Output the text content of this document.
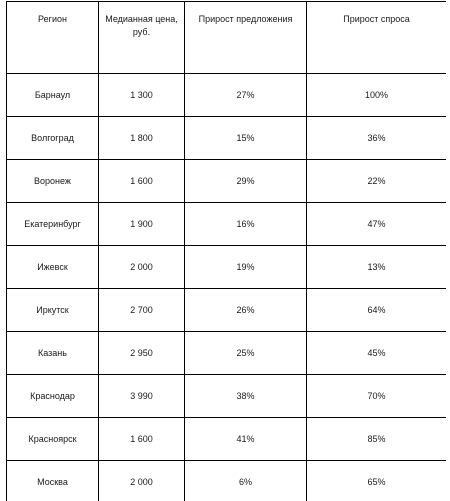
Регион	Медианная цена, руб.	Прирост предложения	Прирост спроса
Барнаул	1 300	27%	100%
Волгоград	1 800	15%	36%
Воронеж	1 600	29%	22%
Екатеринбург	1 900	16%	47%
Ижевск	2 000	19%	13%
Иркутск	2 700	26%	64%
Казань	2 950	25%	45%
Краснодар	3 990	38%	70%
Красноярск	1 600	41%	85%
Москва	2 000	6%	65%
